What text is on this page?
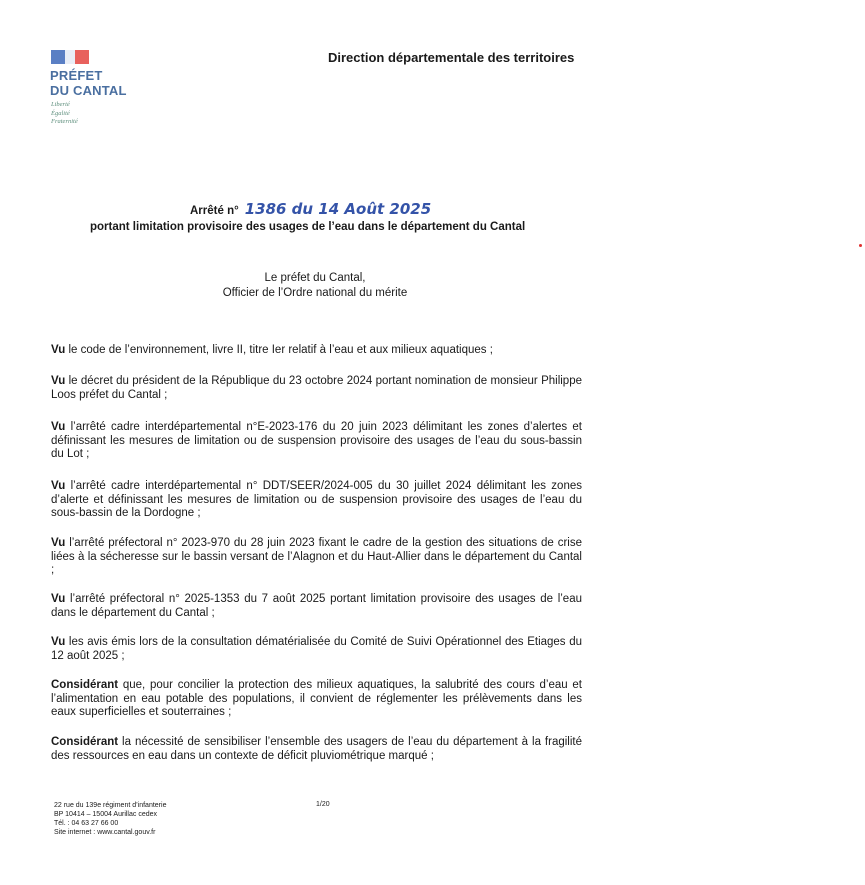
PRÉFET
DU CANTAL
Liberté
Égalité
Fraternité
Direction départementale des territoires
Arrêté n° 1386 du 14 Août 2025
portant limitation provisoire des usages de l’eau dans le département du Cantal
Le préfet du Cantal,
Officier de l’Ordre national du mérite
Vu le code de l’environnement, livre II, titre Ier relatif à l’eau et aux milieux aquatiques ;
Vu le décret du président de la République du 23 octobre 2024 portant nomination de monsieur Philippe Loos préfet du Cantal ;
Vu l’arrêté cadre interdépartemental n°E-2023-176 du 20 juin 2023 délimitant les zones d’alertes et définissant les mesures de limitation ou de suspension provisoire des usages de l’eau du sous-bassin du Lot ;
Vu l’arrêté cadre interdépartemental n° DDT/SEER/2024-005 du 30 juillet 2024 délimitant les zones d’alerte et définissant les mesures de limitation ou de suspension provisoire des usages de l’eau du sous-bassin de la Dordogne ;
Vu l’arrêté préfectoral n° 2023-970 du 28 juin 2023 fixant le cadre de la gestion des situations de crise liées à la sécheresse sur le bassin versant de l’Alagnon et du Haut-Allier dans le département du Cantal ;
Vu l’arrêté préfectoral n° 2025-1353 du 7 août 2025 portant limitation provisoire des usages de l’eau dans le département du Cantal ;
Vu les avis émis lors de la consultation dématérialisée du Comité de Suivi Opérationnel des Etiages du 12 août 2025 ;
Considérant que, pour concilier la protection des milieux aquatiques, la salubrité des cours d’eau et l’alimentation en eau potable des populations, il convient de réglementer les prélèvements dans les eaux superficielles et souterraines ;
Considérant la nécessité de sensibiliser l’ensemble des usagers de l’eau du département à la fragilité des ressources en eau dans un contexte de déficit pluviométrique marqué ;
22 rue du 139e régiment d’infanterie
BP 10414 – 15004 Aurillac cedex
Tél. : 04 63 27 66 00
Site internet : www.cantal.gouv.fr
1/20
